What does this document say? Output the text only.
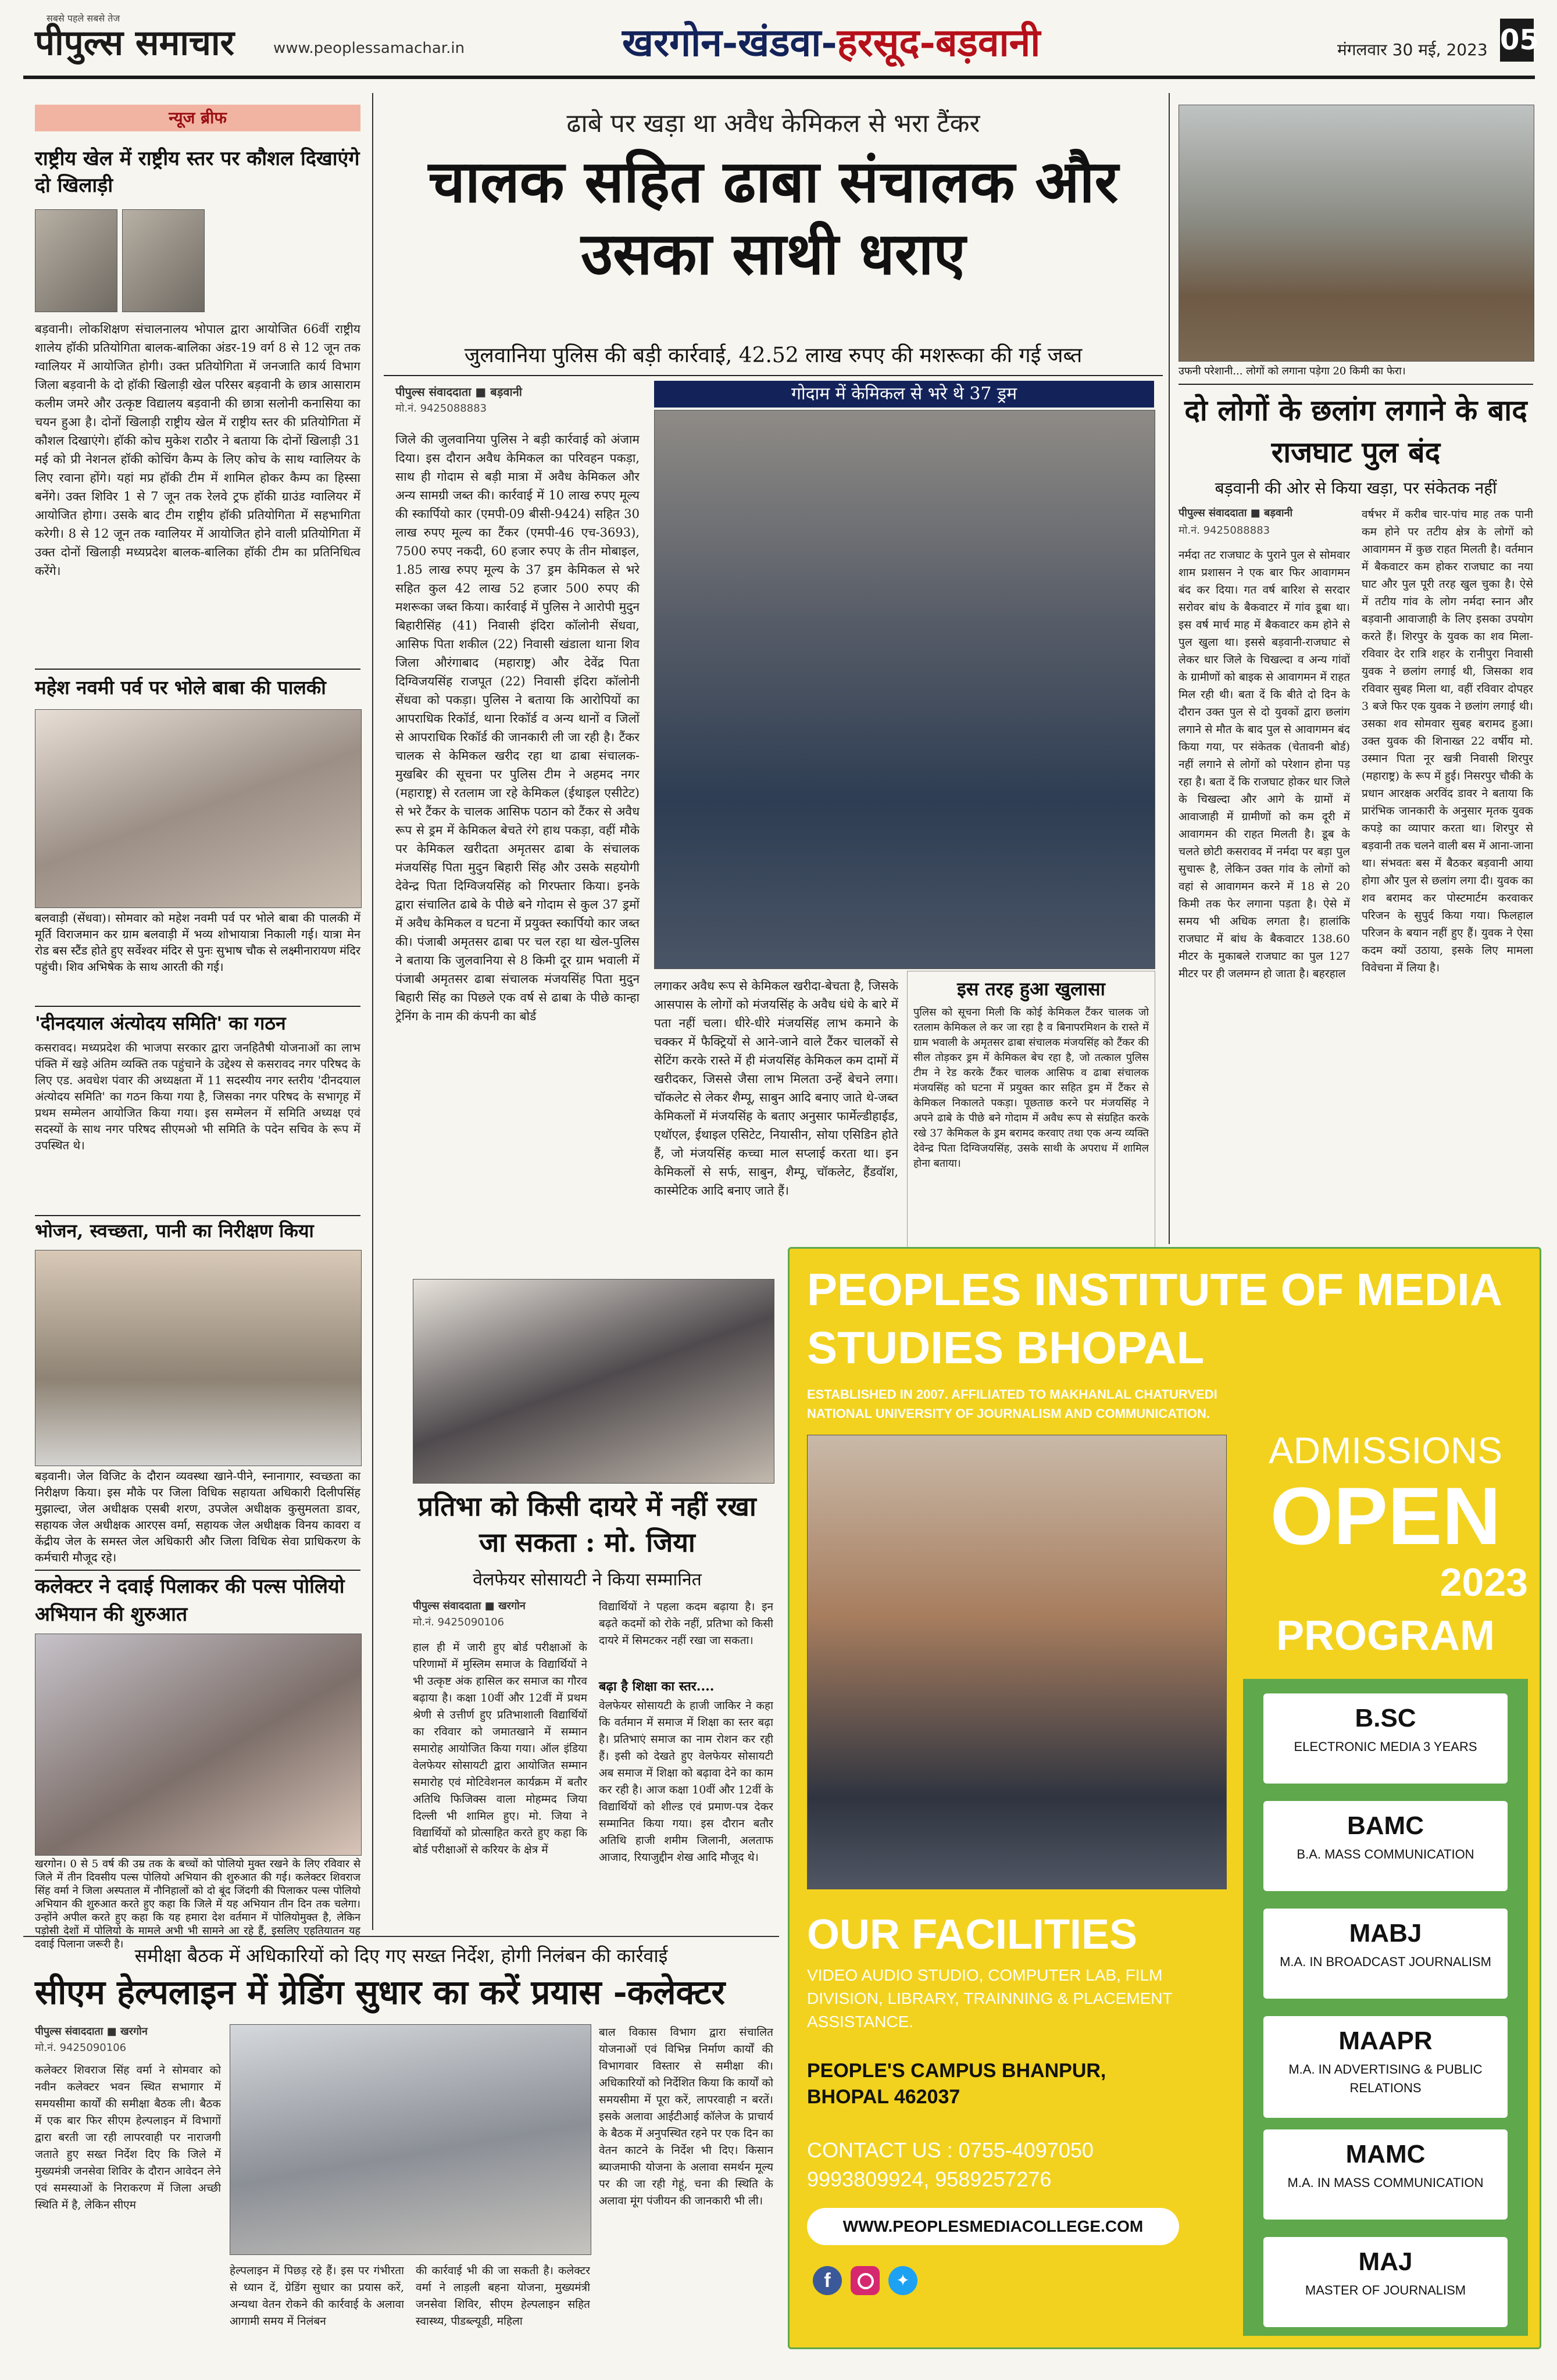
सबसे पहले सबसे तेज
पीपुल्स समाचार	www.peoplessamachar.in	खरगोन-खंडवा-हरसूद-बड़वानी	मंगलवार 30 मई, 2023 05
न्यूज ब्रीफ
राष्ट्रीय खेल में राष्ट्रीय स्तर पर कौशल दिखाएंगे दो खिलाड़ी
बड़वानी। लोकशिक्षण संचालनालय भोपाल द्वारा आयोजित 66वीं राष्ट्रीय शालेय हॉकी प्रतियोगिता बालक-बालिका अंडर-19 वर्ग 8 से 12 जून तक ग्वालियर में आयोजित होगी। उक्त प्रतियोगिता में जनजाति कार्य विभाग जिला बड़वानी के दो हॉकी खिलाड़ी खेल परिसर बड़वानी के छात्र आसाराम कलीम जमरे और उत्कृष्ट विद्यालय बड़वानी की छात्रा सलोनी कनासिया का चयन हुआ है। दोनों खिलाड़ी राष्ट्रीय खेल में राष्ट्रीय स्तर की प्रतियोगिता में कौशल दिखाएंगे। हॉकी कोच मुकेश राठौर ने बताया कि दोनों खिलाड़ी 31 मई को प्री नेशनल हॉकी कोचिंग कैम्प के लिए कोच के साथ ग्वालियर के लिए रवाना होंगे। यहां मप्र हॉकी टीम में शामिल होकर कैम्प का हिस्सा बनेंगे। उक्त शिविर 1 से 7 जून तक रेलवे ट्रफ हॉकी ग्राउंड ग्वालियर में आयोजित होगा। उसके बाद टीम राष्ट्रीय हॉकी प्रतियोगिता में सहभागिता करेगी। 8 से 12 जून तक ग्वालियर में आयोजित होने वाली प्रतियोगिता में उक्त दोनों खिलाड़ी मध्यप्रदेश बालक-बालिका हॉकी टीम का प्रतिनिधित्व करेंगे।
महेश नवमी पर्व पर भोले बाबा की पालकी
बलवाड़ी (सेंधवा)। सोमवार को महेश नवमी पर्व पर भोले बाबा की पालकी में मूर्ति विराजमान कर ग्राम बलवाड़ी में भव्य शोभायात्रा निकाली गई। यात्रा मेन रोड बस स्टैंड होते हुए सर्वेश्वर मंदिर से पुनः सुभाष चौक से लक्ष्मीनारायण मंदिर पहुंची। शिव अभिषेक के साथ आरती की गई।
'दीनदयाल अंत्योदय समिति' का गठन
कसरावद। मध्यप्रदेश की भाजपा सरकार द्वारा जनहितैषी योजनाओं का लाभ पंक्ति में खड़े अंतिम व्यक्ति तक पहुंचाने के उद्देश्य से कसरावद नगर परिषद के लिए एड. अवधेश पंवार की अध्यक्षता में 11 सदस्यीय नगर स्तरीय 'दीनदयाल अंत्योदय समिति' का गठन किया गया है, जिसका नगर परिषद के सभागृह में प्रथम सम्मेलन आयोजित किया गया। इस सम्मेलन में समिति अध्यक्ष एवं सदस्यों के साथ नगर परिषद सीएमओ भी समिति के पदेन सचिव के रूप में उपस्थित थे।
भोजन, स्वच्छता, पानी का निरीक्षण किया
बड़वानी। जेल विजिट के दौरान व्यवस्था खाने-पीने, स्नानागार, स्वच्छता का निरीक्षण किया। इस मौके पर जिला विधिक सहायता अधिकारी दिलीपसिंह मुझाल्दा, जेल अधीक्षक एसबी शरण, उपजेल अधीक्षक कुसुमलता डावर, सहायक जेल अधीक्षक आरएस वर्मा, सहायक जेल अधीक्षक विनय कावरा व केंद्रीय जेल के समस्त जेल अधिकारी और जिला विधिक सेवा प्राधिकरण के कर्मचारी मौजूद रहे।
कलेक्टर ने दवाई पिलाकर की पल्स पोलियो अभियान की शुरुआत
खरगोन। 0 से 5 वर्ष की उम्र तक के बच्चों को पोलियो मुक्त रखने के लिए रविवार से जिले में तीन दिवसीय पल्स पोलियो अभियान की शुरुआत की गई। कलेक्टर शिवराज सिंह वर्मा ने जिला अस्पताल में नौनिहालों को दो बूंद जिंदगी की पिलाकर पल्स पोलियो अभियान की शुरुआत करते हुए कहा कि जिले में यह अभियान तीन दिन तक चलेगा। उन्होंने अपील करते हुए कहा कि यह हमारा देश वर्तमान में पोलियोमुक्त है, लेकिन पड़ोसी देशों में पोलियो के मामले अभी भी सामने आ रहे हैं, इसलिए एहतियातन यह दवाई पिलाना जरूरी है।
ढाबे पर खड़ा था अवैध केमिकल से भरा टैंकर
चालक सहित ढाबा संचालक और उसका साथी धराए
जुलवानिया पुलिस की बड़ी कार्रवाई, 42.52 लाख रुपए की मशरूका की गई जब्त
पीपुल्स संवाददाता ■ बड़वानी
मो.नं. 9425088883
जिले की जुलवानिया पुलिस ने बड़ी कार्रवाई को अंजाम दिया। इस दौरान अवैध केमिकल का परिवहन पकड़ा, साथ ही गोदाम से बड़ी मात्रा में अवैध केमिकल और अन्य सामग्री जब्त की। कार्रवाई में 10 लाख रुपए मूल्य की स्कार्पियो कार (एमपी-09 बीसी-9424) सहित 30 लाख रुपए मूल्य का टैंकर (एमपी-46 एच-3693), 7500 रुपए नकदी, 60 हजार रुपए के तीन मोबाइल, 1.85 लाख रुपए मूल्य के 37 ड्रम केमिकल से भरे सहित कुल 42 लाख 52 हजार 500 रुपए की मशरूका जब्त किया। कार्रवाई में पुलिस ने आरोपी मुदुन बिहारीसिंह (41) निवासी इंदिरा कॉलोनी सेंधवा, आसिफ पिता शकील (22) निवासी खंडाला थाना शिव जिला औरंगाबाद (महाराष्ट्र) और देवेंद्र पिता दिग्विजयसिंह राजपूत (22) निवासी इंदिरा कॉलोनी सेंधवा को पकड़ा। पुलिस ने बताया कि आरोपियों का आपराधिक रिकॉर्ड, थाना रिकॉर्ड व अन्य थानों व जिलों से आपराधिक रिकॉर्ड की जानकारी ली जा रही है। टैंकर चालक से केमिकल खरीद रहा था ढाबा संचालक-मुखबिर की सूचना पर पुलिस टीम ने अहमद नगर (महाराष्ट्र) से रतलाम जा रहे केमिकल (ईथाइल एसीटेट) से भरे टैंकर के चालक आसिफ पठान को टैंकर से अवैध रूप से ड्रम में केमिकल बेचते रंगे हाथ पकड़ा, वहीं मौके पर केमिकल खरीदता अमृतसर ढाबा के संचालक मंजयसिंह पिता मुदुन बिहारी सिंह और उसके सहयोगी देवेन्द्र पिता दिग्विजयसिंह को गिरफ्तार किया। इनके द्वारा संचालित ढाबे के पीछे बने गोदाम से कुल 37 ड्रमों में अवैध केमिकल व घटना में प्रयुक्त स्कार्पियो कार जब्त की। पंजाबी अमृतसर ढाबा पर चल रहा था खेल-पुलिस ने बताया कि जुलवानिया से 8 किमी दूर ग्राम भवाली में पंजाबी अमृतसर ढाबा संचालक मंजयसिंह पिता मुदुन बिहारी सिंह का पिछले एक वर्ष से ढाबा के पीछे कान्हा ट्रेनिंग के नाम की कंपनी का बोर्ड
गोदाम में केमिकल से भरे थे 37 ड्रम
लगाकर अवैध रूप से केमिकल खरीदा-बेचता है, जिसके आसपास के लोगों को मंजयसिंह के अवैध धंधे के बारे में पता नहीं चला। धीरे-धीरे मंजयसिंह लाभ कमाने के चक्कर में फैक्ट्रियों से आने-जाने वाले टैंकर चालकों से सेटिंग करके रास्ते में ही मंजयसिंह केमिकल कम दामों में खरीदकर, जिससे जैसा लाभ मिलता उन्हें बेचने लगा। चॉकलेट से लेकर शैम्पू, साबुन आदि बनाए जाते थे-जब्त केमिकलों में मंजयसिंह के बताए अनुसार फार्मेल्डीहाईड, एथॉएल, ईथाइल एसिटेट, नियासीन, सोया एसिडिन होते हैं, जो मंजयसिंह कच्चा माल सप्लाई करता था। इन केमिकलों से सर्फ, साबुन, शैम्पू, चॉकलेट, हैंडवॉश, कास्मेटिक आदि बनाए जाते हैं।
इस तरह हुआ खुलासा
पुलिस को सूचना मिली कि कोई केमिकल टैंकर चालक जो रतलाम केमिकल ले कर जा रहा है व बिनापरमिशन के रास्ते में ग्राम भवाली के अमृतसर ढाबा संचालक मंजयसिंह को टैंकर की सील तोड़कर ड्रम में केमिकल बेच रहा है, जो तत्काल पुलिस टीम ने रेड करके टैंकर चालक आसिफ व ढाबा संचालक मंजयसिंह को घटना में प्रयुक्त कार सहित ड्रम में टैंकर से केमिकल निकालते पकड़ा। पूछताछ करने पर मंजयसिंह ने अपने ढाबे के पीछे बने गोदाम में अवैध रूप से संग्रहित करके रखे 37 केमिकल के ड्रम बरामद करवाए तथा एक अन्य व्यक्ति देवेन्द्र पिता दिग्विजयसिंह, उसके साथी के अपराध में शामिल होना बताया।
उफनी परेशानी... लोगों को लगाना पड़ेगा 20 किमी का फेरा।
दो लोगों के छलांग लगाने के बाद राजघाट पुल बंद
बड़वानी की ओर से किया खड़ा, पर संकेतक नहीं
पीपुल्स संवाददाता ■ बड़वानी
मो.नं. 9425088883
नर्मदा तट राजघाट के पुराने पुल से सोमवार शाम प्रशासन ने एक बार फिर आवागमन बंद कर दिया। गत वर्ष बारिश से सरदार सरोवर बांध के बैकवाटर में गांव डूबा था। इस वर्ष मार्च माह में बैकवाटर कम होने से पुल खुला था। इससे बड़वानी-राजघाट से लेकर धार जिले के चिखल्दा व अन्य गांवों के ग्रामीणों को बाइक से आवागमन में राहत मिल रही थी। बता दें कि बीते दो दिन के दौरान उक्त पुल से दो युवकों द्वारा छलांग लगाने से मौत के बाद पुल से आवागमन बंद किया गया, पर संकेतक (चेतावनी बोर्ड) नहीं लगाने से लोगों को परेशान होना पड़ रहा है। बता दें कि राजघाट होकर धार जिले के चिखल्दा और आगे के ग्रामों में आवाजाही में ग्रामीणों को कम दूरी में आवागमन की राहत मिलती है। डूब के चलते छोटी कसरावद में नर्मदा पर बड़ा पुल सुचारू है, लेकिन उक्त गांव के लोगों को वहां से आवागमन करने में 18 से 20 किमी तक फेर लगाना पड़ता है। ऐसे में समय भी अधिक लगता है। हालांकि राजघाट में बांध के बैकवाटर 138.60 मीटर के मुकाबले राजघाट का पुल 127 मीटर पर ही जलमग्न हो जाता है। बहरहाल
वर्षभर में करीब चार-पांच माह तक पानी कम होने पर तटीय क्षेत्र के लोगों को आवागमन में कुछ राहत मिलती है। वर्तमान में बैकवाटर कम होकर राजघाट का नया घाट और पुल पूरी तरह खुल चुका है। ऐसे में तटीय गांव के लोग नर्मदा स्नान और बड़वानी आवाजाही के लिए इसका उपयोग करते हैं। शिरपुर के युवक का शव मिला- रविवार देर रात्रि शहर के रानीपुरा निवासी युवक ने छलांग लगाई थी, जिसका शव रविवार सुबह मिला था, वहीं रविवार दोपहर 3 बजे फिर एक युवक ने छलांग लगाई थी। उसका शव सोमवार सुबह बरामद हुआ। उक्त युवक की शिनाख्त 22 वर्षीय मो. उस्मान पिता नूर खत्री निवासी शिरपुर (महाराष्ट्र) के रूप में हुई। निसरपुर चौकी के प्रधान आरक्षक अरविंद डावर ने बताया कि प्रारंभिक जानकारी के अनुसार मृतक युवक कपड़े का व्यापार करता था। शिरपुर से बड़वानी तक चलने वाली बस में आना-जाना था। संभवतः बस में बैठकर बड़वानी आया होगा और पुल से छलांग लगा दी। युवक का शव बरामद कर पोस्टमार्टम करवाकर परिजन के सुपुर्द किया गया। फिलहाल परिजन के बयान नहीं हुए हैं। युवक ने ऐसा कदम क्यों उठाया, इसके लिए मामला विवेचना में लिया है।
प्रतिभा को किसी दायरे में नहीं रखा जा सकता : मो. जिया
वेलफेयर सोसायटी ने किया सम्मानित
पीपुल्स संवाददाता ■ खरगोन
मो.नं. 9425090106
हाल ही में जारी हुए बोर्ड परीक्षाओं के परिणामों में मुस्लिम समाज के विद्यार्थियों ने भी उत्कृष्ट अंक हासिल कर समाज का गौरव बढ़ाया है। कक्षा 10वीं और 12वीं में प्रथम श्रेणी से उत्तीर्ण हुए प्रतिभाशाली विद्यार्थियों का रविवार को जमातखाने में सम्मान समारोह आयोजित किया गया। ऑल इंडिया वेलफेयर सोसायटी द्वारा आयोजित सम्मान समारोह एवं मोटिवेशनल कार्यक्रम में बतौर अतिथि फिजिक्स वाला मोहम्मद जिया दिल्ली भी शामिल हुए। मो. जिया ने विद्यार्थियों को प्रोत्साहित करते हुए कहा कि बोर्ड परीक्षाओं से करियर के क्षेत्र में
विद्यार्थियों ने पहला कदम बढ़ाया है। इन बढ़ते कदमों को रोके नहीं, प्रतिभा को किसी दायरे में सिमटकर नहीं रखा जा सकता।
बढ़ा है शिक्षा का स्तर....
वेलफेयर सोसायटी के हाजी जाकिर ने कहा कि वर्तमान में समाज में शिक्षा का स्तर बढ़ा है। प्रतिभाएं समाज का नाम रोशन कर रही हैं। इसी को देखते हुए वेलफेयर सोसायटी अब समाज में शिक्षा को बढ़ावा देने का काम कर रही है। आज कक्षा 10वीं और 12वीं के विद्यार्थियों को शील्ड एवं प्रमाण-पत्र देकर सम्मानित किया गया। इस दौरान बतौर अतिथि हाजी शमीम जिलानी, अलताफ आजाद, रियाजुद्दीन शेख आदि मौजूद थे।
समीक्षा बैठक में अधिकारियों को दिए गए सख्त निर्देश, होगी निलंबन की कार्रवाई
सीएम हेल्पलाइन में ग्रेडिंग सुधार का करें प्रयास -कलेक्टर
पीपुल्स संवाददाता ■ खरगोन
मो.नं. 9425090106
कलेक्टर शिवराज सिंह वर्मा ने सोमवार को नवीन कलेक्टर भवन स्थित सभागार में समयसीमा कार्यों की समीक्षा बैठक ली। बैठक में एक बार फिर सीएम हेल्पलाइन में विभागों द्वारा बरती जा रही लापरवाही पर नाराजगी जताते हुए सख्त निर्देश दिए कि जिले में मुख्यमंत्री जनसेवा शिविर के दौरान आवेदन लेने एवं समस्याओं के निराकरण में जिला अच्छी स्थिति में है, लेकिन सीएम
हेल्पलाइन में पिछड़ रहे हैं। इस पर गंभीरता से ध्यान दें, ग्रेडिंग सुधार का प्रयास करें, अन्यथा वेतन रोकने की कार्रवाई के अलावा आगामी समय में निलंबन
की कार्रवाई भी की जा सकती है। कलेक्टर वर्मा ने लाड़ली बहना योजना, मुख्यमंत्री जनसेवा शिविर, सीएम हेल्पलाइन सहित स्वास्थ्य, पीडब्ल्यूडी, महिला
बाल विकास विभाग द्वारा संचालित योजनाओं एवं विभिन्न निर्माण कार्यों की विभागवार विस्तार से समीक्षा की। अधिकारियों को निर्देशित किया कि कार्यों को समयसीमा में पूरा करें, लापरवाही न बरतें। इसके अलावा आईटीआई कॉलेज के प्राचार्य के बैठक में अनुपस्थित रहने पर एक दिन का वेतन काटने के निर्देश भी दिए। किसान ब्याजमाफी योजना के अलावा समर्थन मूल्य पर की जा रही गेहूं, चना की स्थिति के अलावा मूंग पंजीयन की जानकारी भी ली।
PEOPLES INSTITUTE OF MEDIA
STUDIES BHOPAL
ESTABLISHED IN 2007. AFFILIATED TO MAKHANLAL CHATURVEDI
NATIONAL UNIVERSITY OF JOURNALISM AND COMMUNICATION.
ADMISSIONS
OPEN
2023
PROGRAM
B.SC
ELECTRONIC MEDIA 3 YEARS
BAMC
B.A. MASS COMMUNICATION
MABJ
M.A. IN BROADCAST JOURNALISM
MAAPR
M.A. IN ADVERTISING & PUBLIC RELATIONS
MAMC
M.A. IN MASS COMMUNICATION
MAJ
MASTER OF JOURNALISM
OUR FACILITIES
VIDEO AUDIO STUDIO, COMPUTER LAB, FILM DIVISION, LIBRARY, TRAINNING & PLACEMENT ASSISTANCE.
PEOPLE'S CAMPUS BHANPUR,
BHOPAL 462037
CONTACT US : 0755-4097050
9993809924, 9589257276
WWW.PEOPLESMEDIACOLLEGE.COM
f	✦
